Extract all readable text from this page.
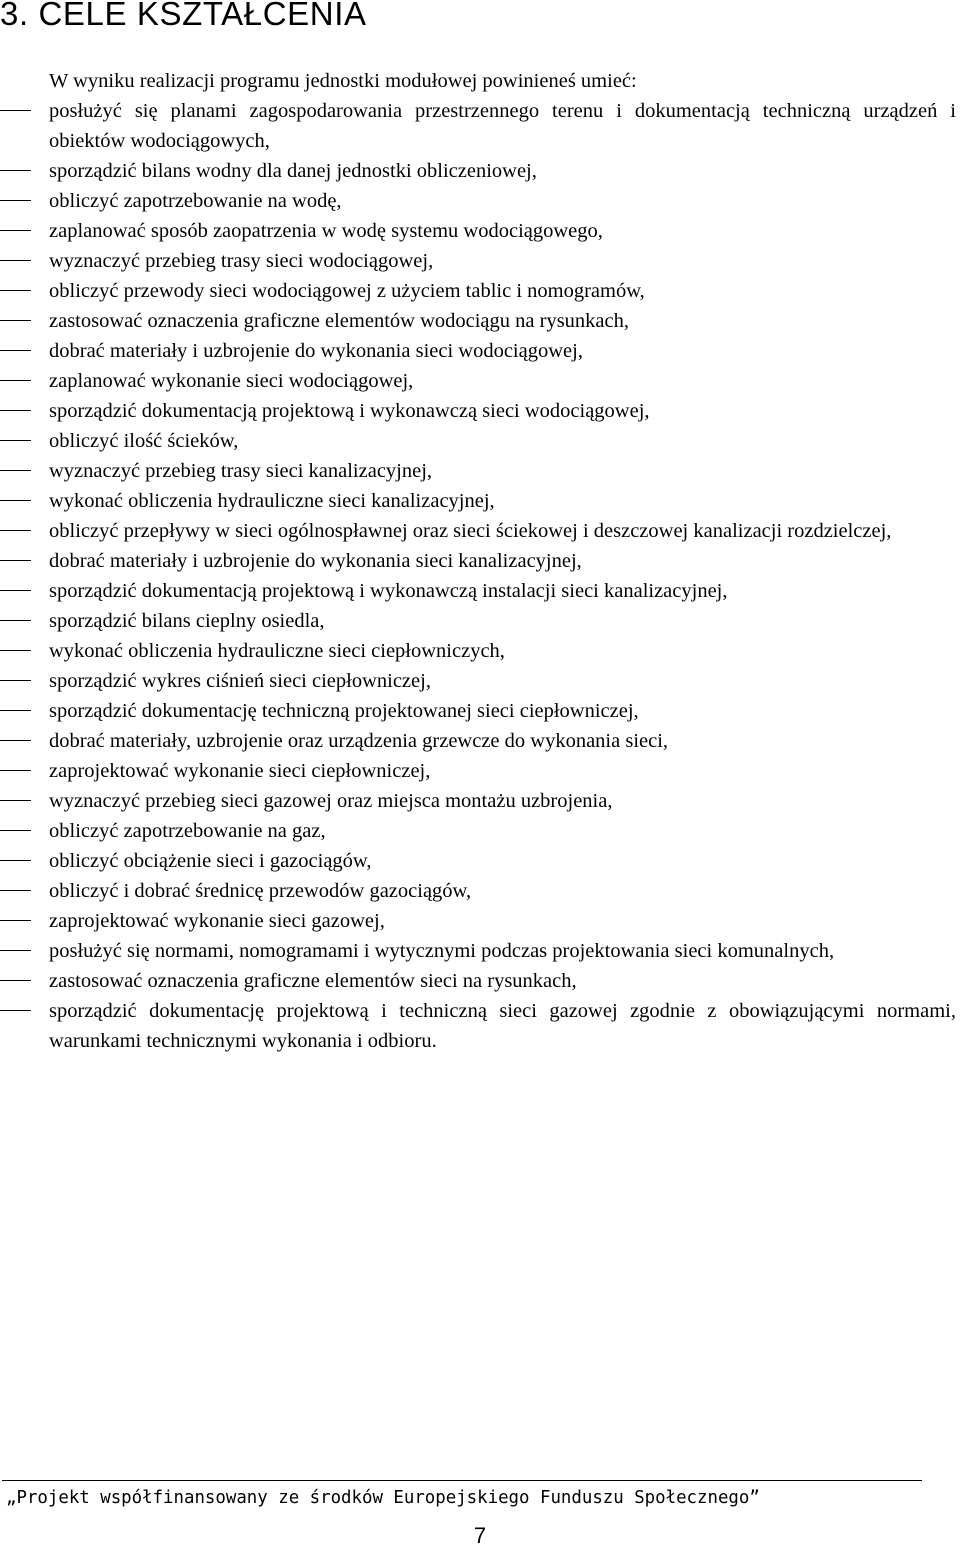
3. CELE KSZTAŁCENIA
W wyniku realizacji programu jednostki modułowej powinieneś umieć:
posłużyć się planami zagospodarowania przestrzennego terenu i dokumentacją techniczną urządzeń i obiektów wodociągowych,
sporządzić bilans wodny dla danej jednostki obliczeniowej,
obliczyć zapotrzebowanie na wodę,
zaplanować sposób zaopatrzenia w wodę systemu wodociągowego,
wyznaczyć przebieg trasy sieci wodociągowej,
obliczyć przewody sieci wodociągowej z użyciem tablic i nomogramów,
zastosować oznaczenia graficzne elementów wodociągu na rysunkach,
dobrać materiały i uzbrojenie do wykonania sieci wodociągowej,
zaplanować wykonanie sieci wodociągowej,
sporządzić dokumentacją projektową i wykonawczą sieci wodociągowej,
obliczyć ilość ścieków,
wyznaczyć przebieg trasy sieci kanalizacyjnej,
wykonać obliczenia hydrauliczne sieci kanalizacyjnej,
obliczyć przepływy w sieci ogólnospławnej oraz sieci ściekowej i deszczowej kanalizacji rozdzielczej,
dobrać materiały i uzbrojenie do wykonania sieci kanalizacyjnej,
sporządzić dokumentacją projektową i wykonawczą instalacji sieci kanalizacyjnej,
sporządzić bilans cieplny osiedla,
wykonać obliczenia hydrauliczne sieci ciepłowniczych,
sporządzić wykres ciśnień sieci ciepłowniczej,
sporządzić dokumentację techniczną projektowanej sieci ciepłowniczej,
dobrać materiały, uzbrojenie oraz urządzenia grzewcze do wykonania sieci,
zaprojektować wykonanie sieci ciepłowniczej,
wyznaczyć przebieg sieci gazowej oraz miejsca montażu uzbrojenia,
obliczyć zapotrzebowanie na gaz,
obliczyć obciążenie sieci i gazociągów,
obliczyć i dobrać średnicę przewodów gazociągów,
zaprojektować wykonanie sieci gazowej,
posłużyć się normami, nomogramami i wytycznymi podczas projektowania sieci komunalnych,
zastosować oznaczenia graficzne elementów sieci na rysunkach,
sporządzić dokumentację projektową i techniczną sieci gazowej zgodnie z obowiązującymi normami, warunkami technicznymi wykonania i odbioru.
„Projekt współfinansowany ze środków Europejskiego Funduszu Społecznego”
7
